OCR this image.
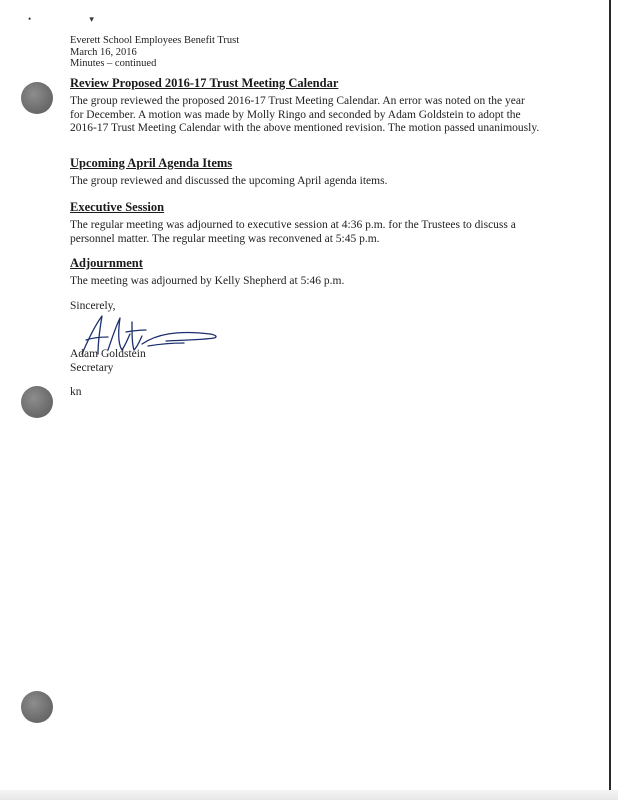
• ▾
Everett School Employees Benefit Trust
March 16, 2016
Minutes – continued

Review Proposed 2016-17 Trust Meeting Calendar

The group reviewed the proposed 2016-17 Trust Meeting Calendar. An error was noted on the year for December. A motion was made by Molly Ringo and seconded by Adam Goldstein to adopt the 2016-17 Trust Meeting Calendar with the above mentioned revision. The motion passed unanimously.

Upcoming April Agenda Items

The group reviewed and discussed the upcoming April agenda items.

Executive Session

The regular meeting was adjourned to executive session at 4:36 p.m. for the Trustees to discuss a personnel matter. The regular meeting was reconvened at 5:45 p.m.

Adjournment

The meeting was adjourned by Kelly Shepherd at 5:46 p.m.

Sincerely,
Adam Goldstein
Secretary
kn
